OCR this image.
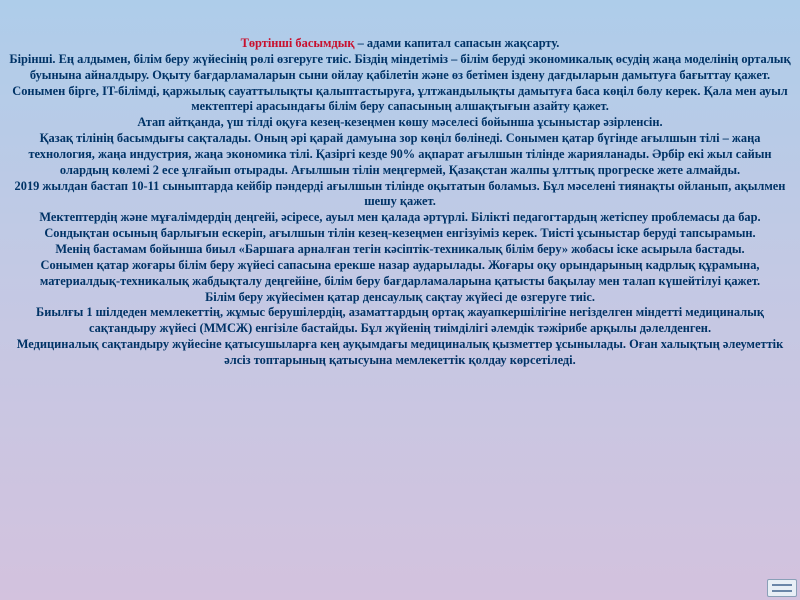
Төртінші басымдық – адами капитал сапасын жақсарту.

Бірінші. Ең алдымен, білім беру жүйесінің рөлі өзгеруге тиіс. Біздің міндетіміз – білім беруді экономикалық өсудің жаңа моделінің орталық буынына айналдыру. Оқыту бағдарламаларын сыни ойлау қабілетін және өз бетімен іздену дағдыларын дамытуға бағыттау қажет.

Сонымен бірге, IT-білімді, қаржылық сауаттылықты қалыптастыруға, ұлтжандылықты дамытуға баса көңіл бөлу керек. Қала мен ауыл мектептері арасындағы білім беру сапасының алшақтығын азайту қажет.

Атап айтқанда, үш тілді оқуға кезең-кезеңмен көшу мәселесі бойынша ұсыныстар әзірленсін.

Қазақ тілінің басымдығы сақталады. Оның әрі қарай дамуына зор көңіл бөлінеді. Сонымен қатар бүгінде ағылшын тілі – жаңа технология, жаңа индустрия, жаңа экономика тілі. Қазіргі кезде 90% ақпарат ағылшын тілінде жарияланады. Әрбір екі жыл сайын олардың көлемі 2 есе ұлғайып отырады. Ағылшын тілін меңгермей, Қазақстан жалпы ұлттық прогреске жете алмайды.

2019 жылдан бастап 10-11 сыныптарда кейбір пәндерді ағылшын тілінде оқытатын боламыз. Бұл мәселені тиянақты ойланып, ақылмен шешу қажет.

Мектептердің және мұғалімдердің деңгейі, әсіресе, ауыл мен қалада әртүрлі. Білікті педагогтардың жетіспеу проблемасы да бар. Сондықтан осының барлығын ескеріп, ағылшын тілін кезең-кезеңмен енгізуіміз керек. Тиісті ұсыныстар беруді тапсырамын.

Менің бастамам бойынша биыл «Баршаға арналған тегін кәсіптік-техникалық білім беру» жобасы іске асырыла бастады.

Сонымен қатар жоғары білім беру жүйесі сапасына ерекше назар аударылады. Жоғары оқу орындарының кадрлық құрамына, материалдық-техникалық жабдықталу деңгейіне, білім беру бағдарламаларына қатысты бақылау мен талап күшейтілуі қажет.

Білім беру жүйесімен қатар денсаулық сақтау жүйесі де өзгеруге тиіс.

Биылғы 1 шілдеден мемлекеттің, жұмыс берушілердің, азаматтардың ортақ жауапкершілігіне негізделген міндетті медициналық сақтандыру жүйесі (ММСЖ) енгізіле бастайды. Бұл жүйенің тиімділігі әлемдік тәжірибе арқылы дәлелденген.

Медициналық сақтандыру жүйесіне қатысушыларға кең ауқымдағы медициналық қызметтер ұсынылады. Оған халықтың әлеуметтік әлсіз топтарының қатысуына мемлекеттік қолдау көрсетіледі.
